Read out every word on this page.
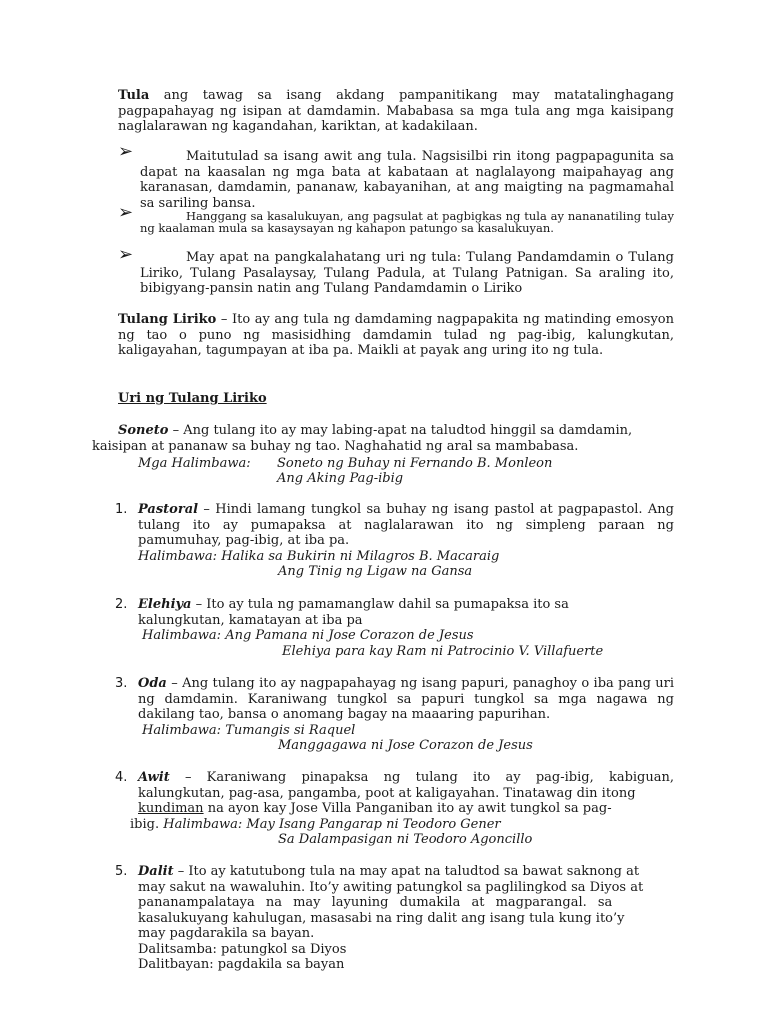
Tula ang tawag sa isang akdang pampanitikang may matatalinghagang pagpapahayag ng isipan at damdamin. Mababasa sa mga tula ang mga kaisipang naglalarawan ng kagandahan, kariktan, at kadakilaan.

➢	Maitutulad sa isang awit ang tula. Nagsisilbi rin itong pagpapagunita sa dapat na kaasalan ng mga bata at kabataan at naglalayong maipahayag ang karanasan, damdamin, pananaw, kabayanihan, at ang maigting na pagmamahal sa sariling bansa.

➢	Hanggang sa kasalukuyan, ang pagsulat at pagbigkas ng tula ay nananatiling tulay ng kaalaman mula sa kasaysayan ng kahapon patungo sa kasalukuyan.

➢	May apat na pangkalahatang uri ng tula: Tulang Pandamdamin o Tulang Liriko, Tulang Pasalaysay, Tulang Padula, at Tulang Patnigan. Sa araling ito, bibigyang-pansin natin ang Tulang Pandamdamin o Liriko

Tulang Liriko – Ito ay ang tula ng damdaming nagpapakita ng matinding emosyon ng tao o puno ng masisidhing damdamin tulad ng pag-ibig, kalungkutan, kaligayahan, tagumpayan at iba pa. Maikli at payak ang uring ito ng tula.

Uri ng Tulang Liriko

Soneto – Ang tulang ito ay may labing-apat na taludtod hinggil sa damdamin,
kaisipan at pananaw sa buhay ng tao. Naghahatid ng aral sa mambabasa.
Mga Halimbawa: Soneto ng Buhay ni Fernando B. Monleon
Ang Aking Pag-ibig
1. Pastoral – Hindi lamang tungkol sa buhay ng isang pastol at pagpapastol. Ang tulang ito ay pumapaksa at naglalarawan ito ng simpleng paraan ng pamumuhay, pag-ibig, at iba pa.

Halimbawa: Halika sa Bukirin ni Milagros B. Macaraig
Ang Tinig ng Ligaw na Gansa
2. Elehiya – Ito ay tula ng pamamanglaw dahil sa pumapaksa ito sa kalungkutan, kamatayan at iba pa

Halimbawa: Ang Pamana ni Jose Corazon de Jesus
Elehiya para kay Ram ni Patrocinio V. Villafuerte
3. Oda – Ang tulang ito ay nagpapahayag ng isang papuri, panaghoy o iba pang uri ng damdamin. Karaniwang tungkol sa papuri tungkol sa mga nagawa ng dakilang tao, bansa o anomang bagay na maaaring papurihan.

Halimbawa: Tumangis si Raquel
Manggagawa ni Jose Corazon de Jesus
4. Awit – Karaniwang pinapaksa ng tulang ito ay pag-ibig, kabiguan,
kalungkutan, pag-asa, pangamba, poot at kaligayahan. Tinatawag din itong
kundiman na ayon kay Jose Villa Panganiban ito ay awit tungkol sa pag-
ibig. Halimbawa: May Isang Pangarap ni Teodoro Gener
Sa Dalampasigan ni Teodoro Agoncillo
5. Dalit – Ito ay katutubong tula na may apat na taludtod sa bawat saknong at
may sakut na wawaluhin. Ito’y awiting patungkol sa paglilingkod sa Diyos at
pananampalataya na may layuning dumakila at magparangal. sa
kasalukuyang kahulugan, masasabi na ring dalit ang isang tula kung ito’y
may pagdarakila sa bayan.
Dalitsamba: patungkol sa Diyos
Dalitbayan: pagdakila sa bayan
